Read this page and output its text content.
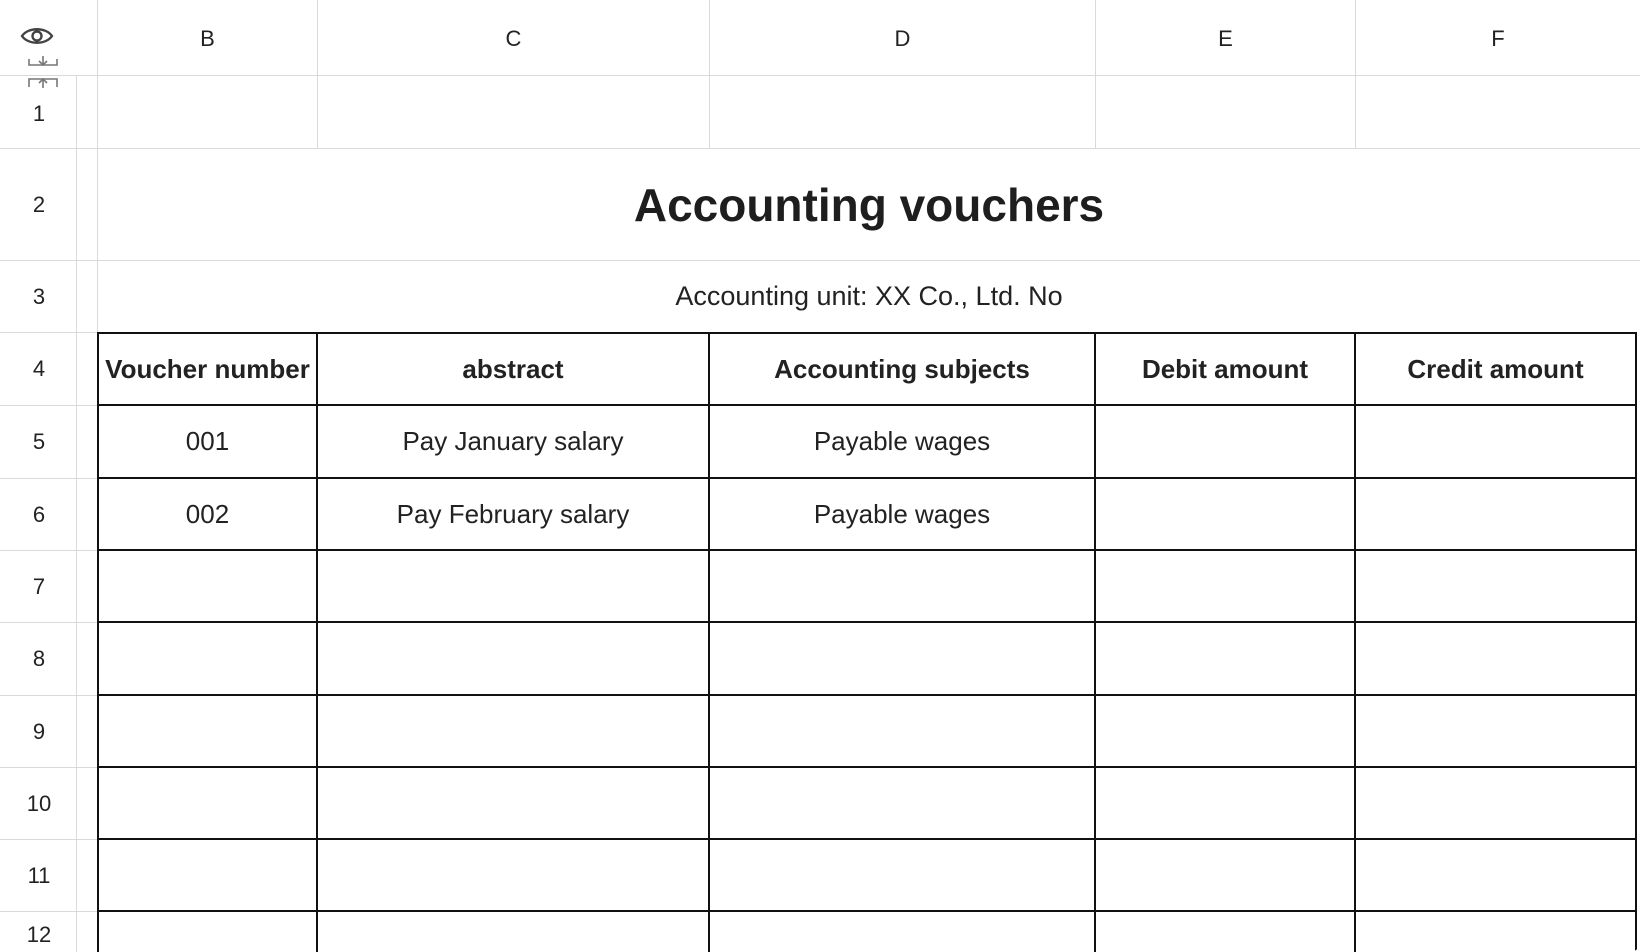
B	C	D	E	F
1
2
3
4
5
6
7
8
9
10
11
12
Accounting vouchers
Accounting unit: XX Co., Ltd. No
Voucher number	abstract	Accounting subjects	Debit amount	Credit amount
001	Pay January salary	Payable wages
002	Pay February salary	Payable wages
